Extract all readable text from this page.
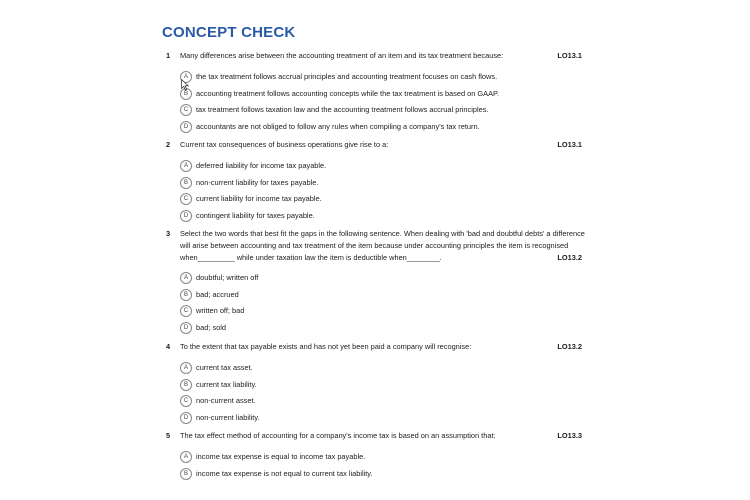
CONCEPT CHECK
1 Many differences arise between the accounting treatment of an item and its tax treatment because:	LO13.1
A	the tax treatment follows accrual principles and accounting treatment focuses on cash flows.
B	accounting treatment follows accounting concepts while the tax treatment is based on GAAP.
C	tax treatment follows taxation law and the accounting treatment follows accrual principles.
D	accountants are not obliged to follow any rules when compiling a company's tax return.
2 Current tax consequences of business operations give rise to a:	LO13.1
A	deferred liability for income tax payable.
B	non-current liability for taxes payable.
C	current liability for income tax payable.
D	contingent liability for taxes payable.
3 Select the two words that best fit the gaps in the following sentence. When dealing with 'bad and doubtful debts' a difference will arise between accounting and tax treatment of the item because under accounting principles the item is recognised when_________ while under taxation law the item is deductible when________.	LO13.2
A	doubtful; written off
B	bad; accrued
C	written off; bad
D	bad; sold
4 To the extent that tax payable exists and has not yet been paid a company will recognise:	LO13.2
A	current tax asset.
B	current tax liability.
C	non-current asset.
D	non-current liability.
5 The tax effect method of accounting for a company's income tax is based on an assumption that:	LO13.3
A	income tax expense is equal to income tax payable.
B	income tax expense is not equal to current tax liability.
